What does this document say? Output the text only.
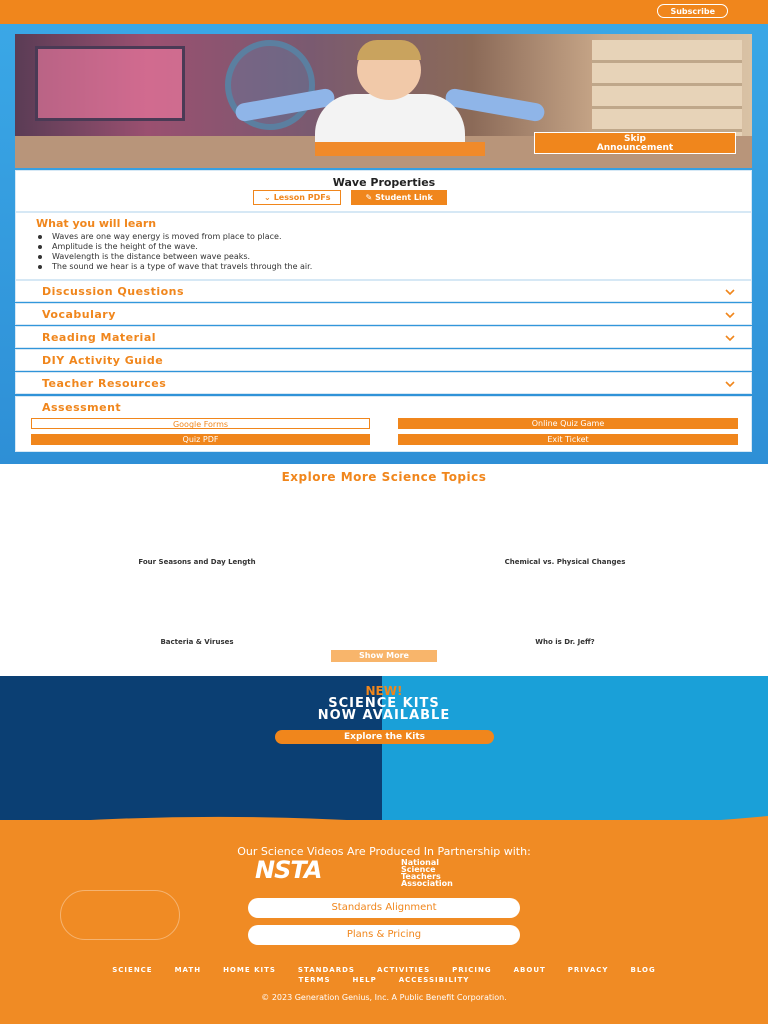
Subscribe
Skip
Announcement
Wave Properties
⌄ Lesson PDFs	✎ Student Link
What you will learn
Waves are one way energy is moved from place to place.
Amplitude is the height of the wave.
Wavelength is the distance between wave peaks.
The sound we hear is a type of wave that travels through the air.
Discussion Questions
Vocabulary
Reading Material
DIY Activity Guide
Teacher Resources
Assessment
Google Forms	Online Quiz Game
Quiz PDF	Exit Ticket
Explore More Science Topics
Four Seasons and Day Length	Chemical vs. Physical Changes
Bacteria & Viruses	Who is Dr. Jeff?
Show More
NEW!
SCIENCE KITS
NOW AVAILABLE
Explore the Kits
Our Science Videos Are Produced In Partnership with:
NSTA	National
Science
Teachers
Association
Standards Alignment
Plans & Pricing
SCIENCE	MATH	HOME KITS	STANDARDS	ACTIVITIES	PRICING	ABOUT	PRIVACY	BLOG
TERMS	HELP	ACCESSIBILITY
© 2023 Generation Genius, Inc. A Public Benefit Corporation.
